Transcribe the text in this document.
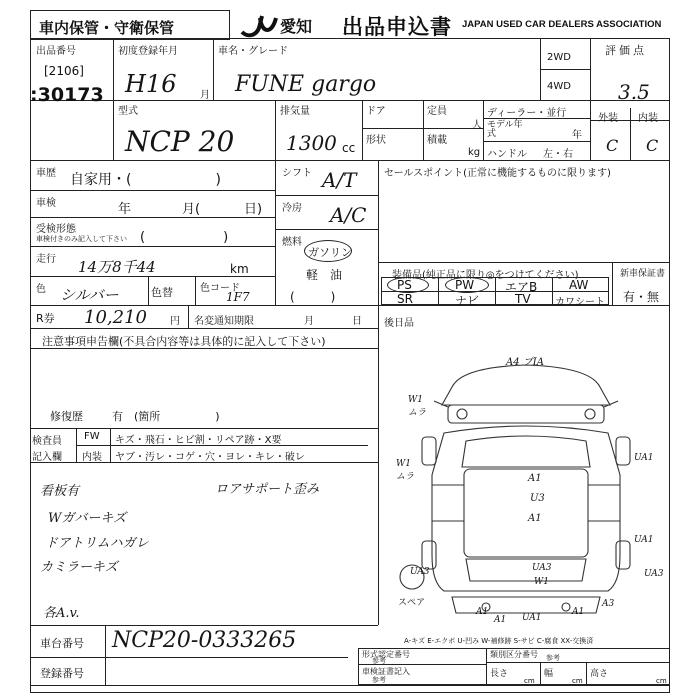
車内保管・守衛保管	愛知 出品申込書 JAPAN USED CAR DEALERS ASSOCIATION
出品番号
[2106]
:30173
初度登録年月
H16 月
車名・グレード
FUNE gargo
2WD
4WD
評価点
3.5
型式
NCP 20
排気量
1300 cc
ドア
形状
定員
人
積載
kg
ディーラー・並行
モデル年式	年
ハンドル 左・右
外装 内装
C C
車歴 自家用・(　　　　　　)
車検	年	月(	日)
受検形態
車検付きのみ記入して下さい (　　　　　　)
走行 14万8千44	km
色 シルバー	色替	色コード
1F7
シフト A/T
冷房 A/C
燃料
ガソリン
軽　油
(　　　)
セールスポイント(正常に機能するものに限ります)
装備品(純正品に限り◎をつけてください)	新車保証書
有・無
PS	PW	エアB	AW
SR	ナビ	TV カワシート
R券 10,210 円 名変通知期限	月	日 後日品
注意事項申告欄(不具合内容等は具体的に記入して下さい)
修復歴	有　(箇所　　　　　)
検査員
記入欄
FW キズ・飛石・ヒビ割・リペア跡・X要
内装 ヤブ・汚レ・コゲ・穴・ヨレ・キレ・破レ
看板有	ロアサポート歪み
Wガバーキズ
ドアトリムハガレ
カミラーキズ
各A.v.
A4 プIA
W1 ムラ
A1
U3
A1
W1 ムラ
UA1
UA1
UA3
W1
UA3	UA3
A1	A1
UA1
A1
A3
スペア
A-キズ E-エクボ U-凹み W-補修跡 S-サビ C-腐食 XX-交換済
車台番号 NCP20-0333265
登録番号
形式認定番号
参考
類別区分番号 参考
車検証書記入
参考
長さ	幅	高さ
cm	cm	cm
